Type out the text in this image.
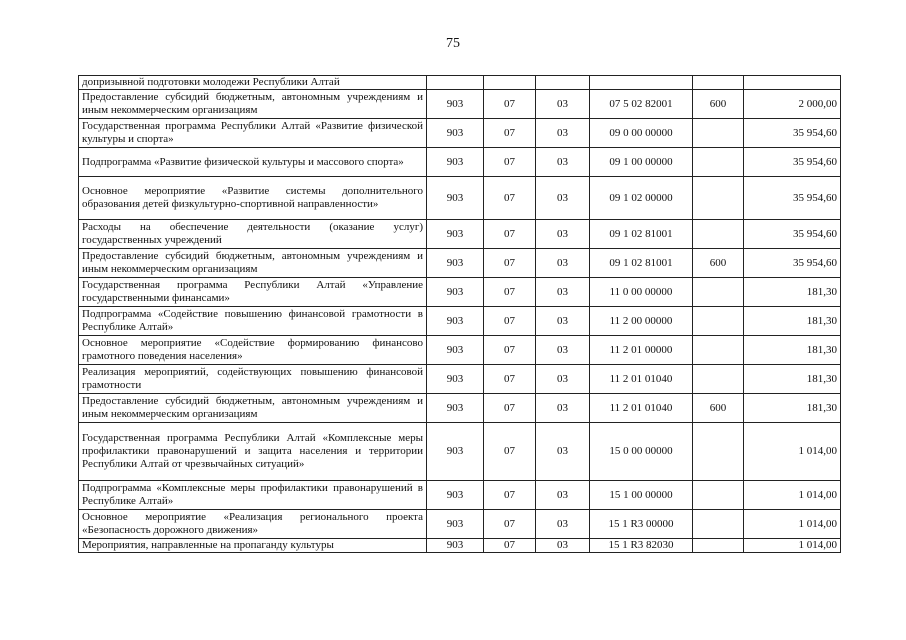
75
допризывной подготовки молодежи Республики Алтай						
Предоставление субсидий бюджетным, автономным учреждениям и иным некоммерческим организациям	903	07	03	07 5 02 82001	600	2 000,00
Государственная программа Республики Алтай «Развитие физической культуры и спорта»	903	07	03	09 0 00 00000		35 954,60
Подпрограмма «Развитие физической культуры и массового спорта»	903	07	03	09 1 00 00000		35 954,60
Основное мероприятие «Развитие системы дополнительного образования детей физкультурно-спортивной направленности»	903	07	03	09 1 02 00000		35 954,60
Расходы на обеспечение деятельности (оказание услуг) государственных учреждений	903	07	03	09 1 02 81001		35 954,60
Предоставление субсидий бюджетным, автономным учреждениям и иным некоммерческим организациям	903	07	03	09 1 02 81001	600	35 954,60
Государственная программа Республики Алтай «Управление государственными финансами»	903	07	03	11 0 00 00000		181,30
Подпрограмма «Содействие повышению финансовой грамотности в Республике Алтай»	903	07	03	11 2 00 00000		181,30
Основное мероприятие «Содействие формированию финансово грамотного поведения населения»	903	07	03	11 2 01 00000		181,30
Реализация мероприятий, содействующих повышению финансовой грамотности	903	07	03	11 2 01 01040		181,30
Предоставление субсидий бюджетным, автономным учреждениям и иным некоммерческим организациям	903	07	03	11 2 01 01040	600	181,30
Государственная программа Республики Алтай «Комплексные меры профилактики правонарушений и защита населения и территории Республики Алтай от чрезвычайных ситуаций»	903	07	03	15 0 00 00000		1 014,00
Подпрограмма «Комплексные меры профилактики правонарушений в Республике Алтай»	903	07	03	15 1 00 00000		1 014,00
Основное мероприятие «Реализация регионального проекта «Безопасность дорожного движения»	903	07	03	15 1 R3 00000		1 014,00
Мероприятия, направленные на пропаганду культуры	903	07	03	15 1 R3 82030		1 014,00
